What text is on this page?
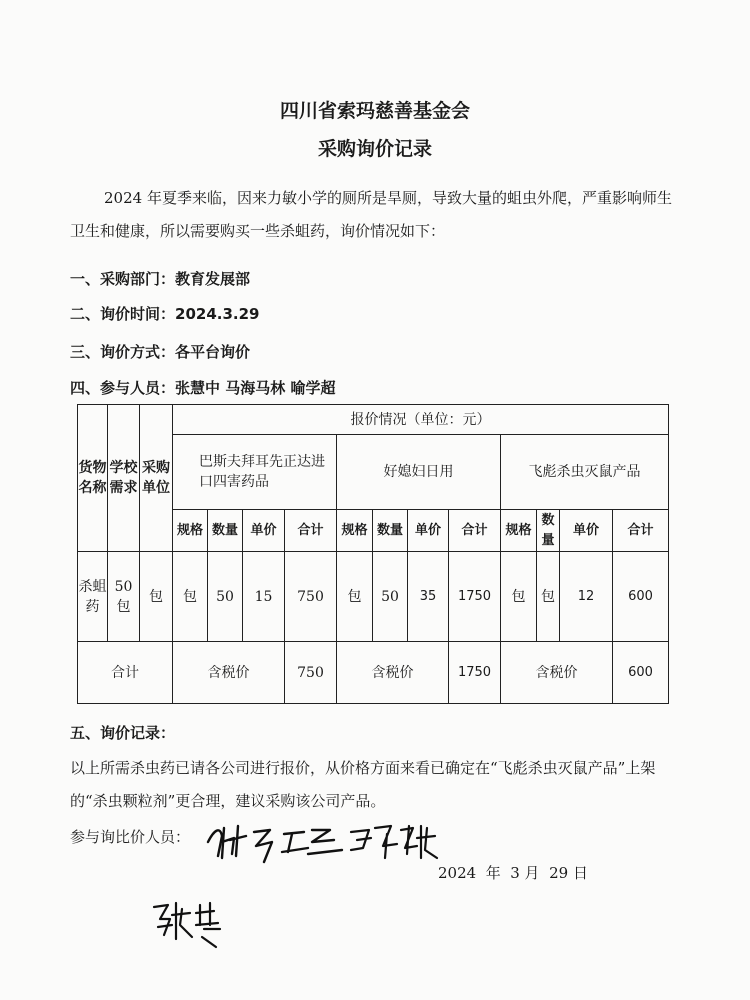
四川省索玛慈善基金会
采购询价记录
2024 年夏季来临，因来力敏小学的厕所是旱厕，导致大量的蛆虫外爬，严重影响师生卫生和健康，所以需要购买一些杀蛆药，询价情况如下：
一、采购部门：教育发展部
二、询价时间：2024.3.29
三、询价方式：各平台询价
四、参与人员：张慧中 马海马林 喻学超
货物名称	学校需求	采购单位	报价情况（单位：元）											
			巴斯夫拜耳先正达进口四害药品				好媳妇日用				飞彪杀虫灭鼠产品			
			规格	数量	单价	合计	规格	数量	单价	合计	规格	数量	单价	合计
杀蛆药	50包	包	包	50	15	750	包	50	35	1750	包	包	12	600
合计			含税价			750	含税价			1750	含税价			600
五、询价记录：
以上所需杀虫药已请各公司进行报价，从价格方面来看已确定在“飞彪杀虫灭鼠产品”上架的“杀虫颗粒剂”更合理，建议采购该公司产品。
参与询比价人员：
2024  年  3 月  29 日
